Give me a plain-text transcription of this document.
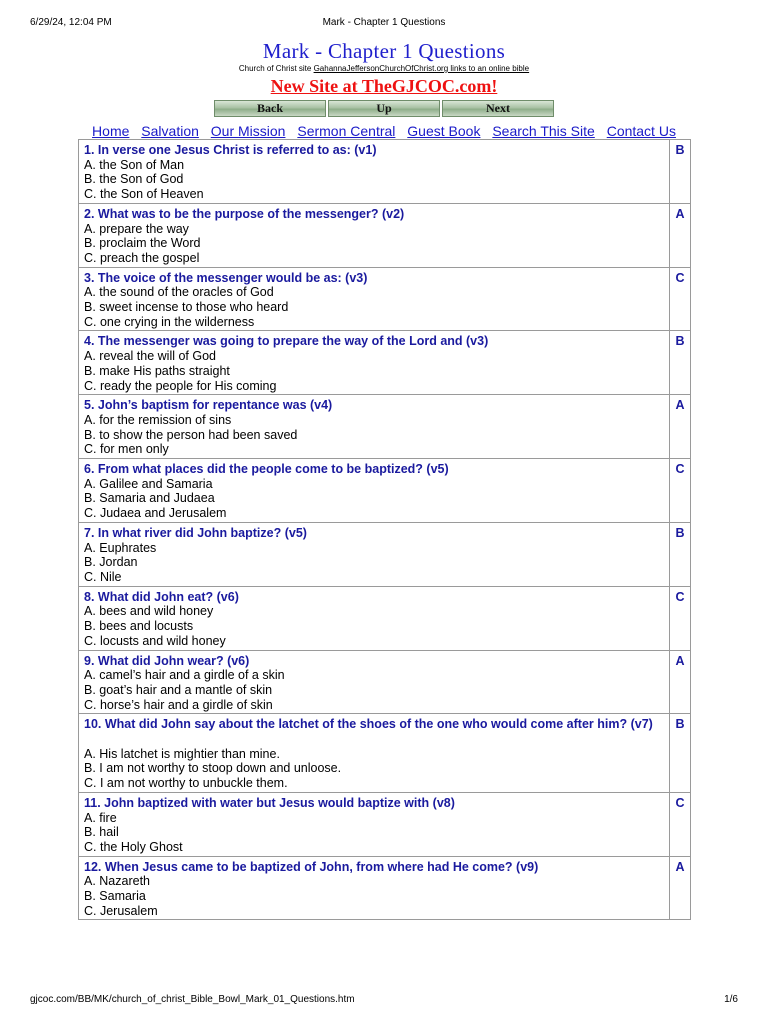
6/29/24, 12:04 PM	Mark - Chapter 1 Questions
Mark - Chapter 1 Questions
Church of Christ site GahannaJeffersonChurchOfChrist.org links to an online bible
New Site at TheGJCOC.com!
Back	Up	Next
Home Salvation Our Mission Sermon Central Guest Book Search This Site Contact Us
1. In verse one Jesus Christ is referred to as: (v1)
A. the Son of Man
B. the Son of God
C. the Son of Heaven
B
2. What was to be the purpose of the messenger? (v2)
A. prepare the way
B. proclaim the Word
C. preach the gospel
A
3. The voice of the messenger would be as: (v3)
A. the sound of the oracles of God
B. sweet incense to those who heard
C. one crying in the wilderness
C
4. The messenger was going to prepare the way of the Lord and (v3)
A. reveal the will of God
B. make His paths straight
C. ready the people for His coming
B
5. John’s baptism for repentance was (v4)
A. for the remission of sins
B. to show the person had been saved
C. for men only
A
6. From what places did the people come to be baptized? (v5)
A. Galilee and Samaria
B. Samaria and Judaea
C. Judaea and Jerusalem
C
7. In what river did John baptize? (v5)
A. Euphrates
B. Jordan
C. Nile
B
8. What did John eat? (v6)
A. bees and wild honey
B. bees and locusts
C. locusts and wild honey
C
9. What did John wear? (v6)
A. camel’s hair and a girdle of a skin
B. goat’s hair and a mantle of skin
C. horse’s hair and a girdle of skin
A
10. What did John say about the latchet of the shoes of the one who would come after him? (v7)
A. His latchet is mightier than mine.
B. I am not worthy to stoop down and unloose.
C. I am not worthy to unbuckle them.
B
11. John baptized with water but Jesus would baptize with (v8)
A. fire
B. hail
C. the Holy Ghost
C
12. When Jesus came to be baptized of John, from where had He come? (v9)
A. Nazareth
B. Samaria
C. Jerusalem
A
gjcoc.com/BB/MK/church_of_christ_Bible_Bowl_Mark_01_Questions.htm	1/6
